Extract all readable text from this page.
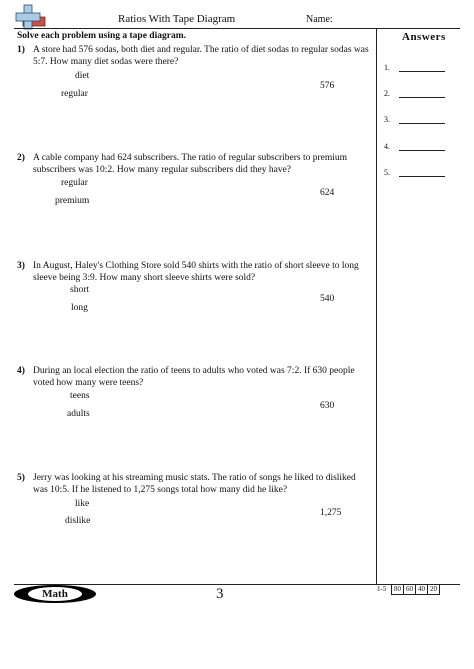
Ratios With Tape Diagram	Name:
Solve each problem using a tape diagram.	Answers
1.
2.
3.
4.
5.
1) A store had 576 sodas, both diet and regular. The ratio of diet sodas to regular sodas was 5:7. How many diet sodas were there?
diet
regular
576
2) A cable company had 624 subscribers. The ratio of regular subscribers to premium subscribers was 10:2. How many regular subscribers did they have?
regular
premium
624
3) In August, Haley's Clothing Store sold 540 shirts with the ratio of short sleeve to long sleeve being 3:9. How many short sleeve shirts were sold?
short
long
540
4) During an local election the ratio of teens to adults who voted was 7:2. If 630 people voted how many were teens?
teens
adults
630
5) Jerry was looking at his streaming music stats. The ratio of songs he liked to disliked was 10:5. If he listened to 1,275 songs total how many did he like?
like
dislike
1,275
Math	3	1-5	80 60 40 20
